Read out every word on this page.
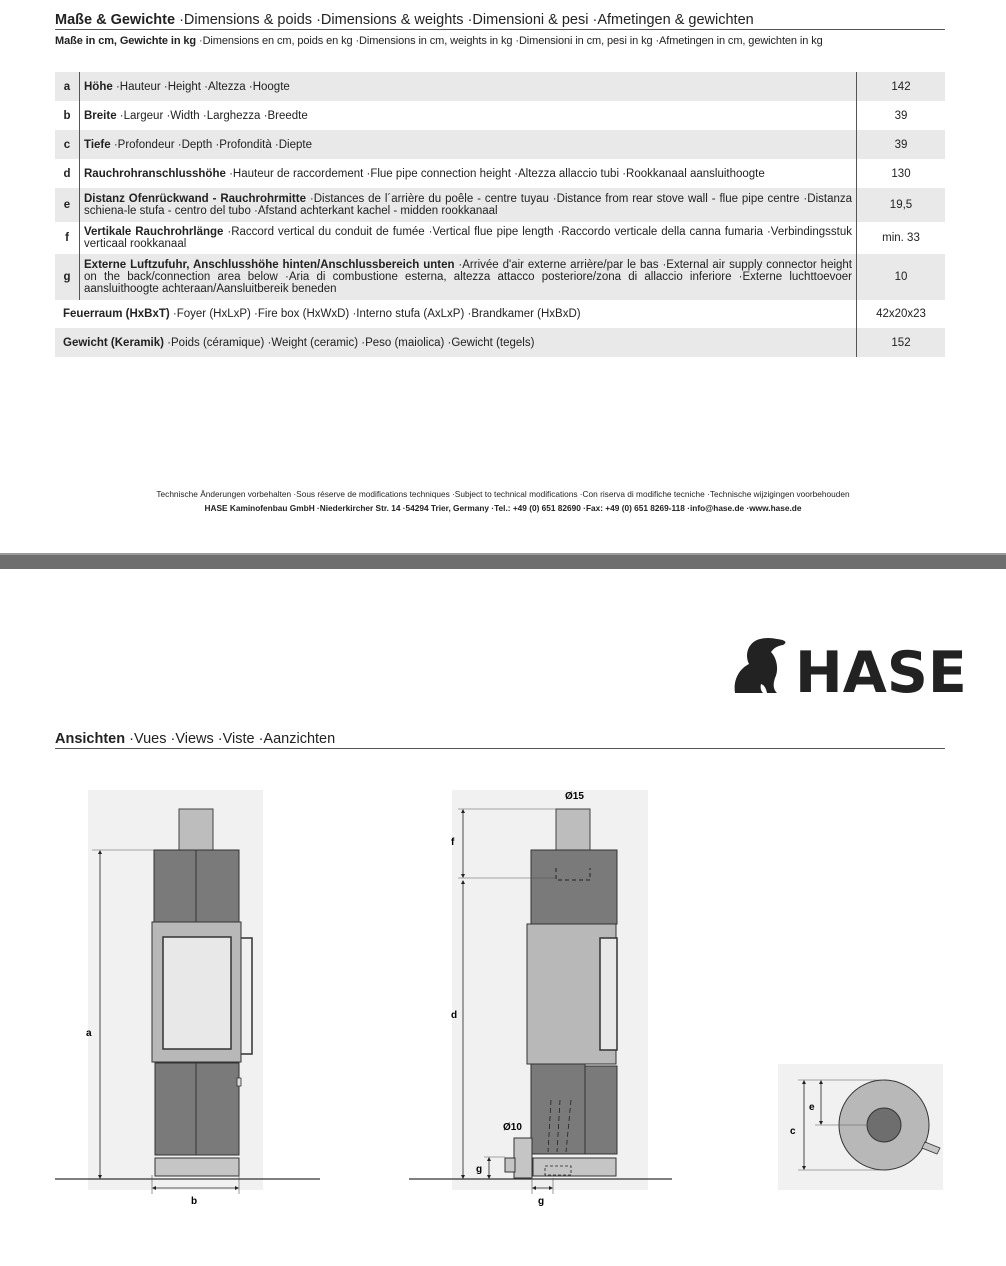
Maße & Gewichte ·Dimensions & poids ·Dimensions & weights ·Dimensioni & pesi ·Afmetingen & gewichten
Maße in cm, Gewichte in kg ·Dimensions en cm, poids en kg ·Dimensions in cm, weights in kg ·Dimensioni in cm, pesi in kg ·Afmetingen in cm, gewichten in kg
a	Höhe ·Hauteur ·Height ·Altezza ·Hoogte	142
b	Breite ·Largeur ·Width ·Larghezza ·Breedte	39
c	Tiefe ·Profondeur ·Depth ·Profondità ·Diepte	39
d	Rauchrohranschlusshöhe ·Hauteur de raccordement ·Flue pipe connection height ·Altezza allaccio tubi ·Rookkanaal aansluithoogte	130
e	Distanz Ofenrückwand - Rauchrohrmitte ·Distances de l´arrière du poêle - centre tuyau ·Distance from rear stove wall - flue pipe centre ·Distanza schiena-le stufa - centro del tubo ·Afstand achterkant kachel - midden rookkanaal	19,5
f	Vertikale Rauchrohrlänge ·Raccord vertical du conduit de fumée ·Vertical flue pipe length ·Raccordo verticale della canna fumaria ·Verbindingsstuk verticaal rookkanaal	min. 33
g	Externe Luftzufuhr, Anschlusshöhe hinten/Anschlussbereich unten ·Arrivée d'air externe arrière/par le bas ·External air supply connector height on the back/connection area below ·Aria di combustione esterna, altezza attacco posteriore/zona di allaccio inferiore ·Externe luchttoevoer aansluithoogte achteraan/Aansluitbereik beneden	10
Feuerraum (HxBxT) ·Foyer (HxLxP) ·Fire box (HxWxD) ·Interno stufa (AxLxP) ·Brandkamer (HxBxD)		42x20x23
Gewicht (Keramik) ·Poids (céramique) ·Weight (ceramic) ·Peso (maiolica) ·Gewicht (tegels)		152
Technische Änderungen vorbehalten ·Sous réserve de modifications techniques ·Subject to technical modifications ·Con riserva di modifiche tecniche ·Technische wijzigingen voorbehouden
HASE Kaminofenbau GmbH ·Niederkircher Str. 14 ·54294 Trier, Germany ·Tel.: +49 (0) 651 82690 ·Fax: +49 (0) 651 8269-118 ·info@hase.de ·www.hase.de
HASE
Ansichten ·Vues ·Views ·Viste ·Aanzichten
a
b
Ø15
Ø10
f
d
g
g
c
e
